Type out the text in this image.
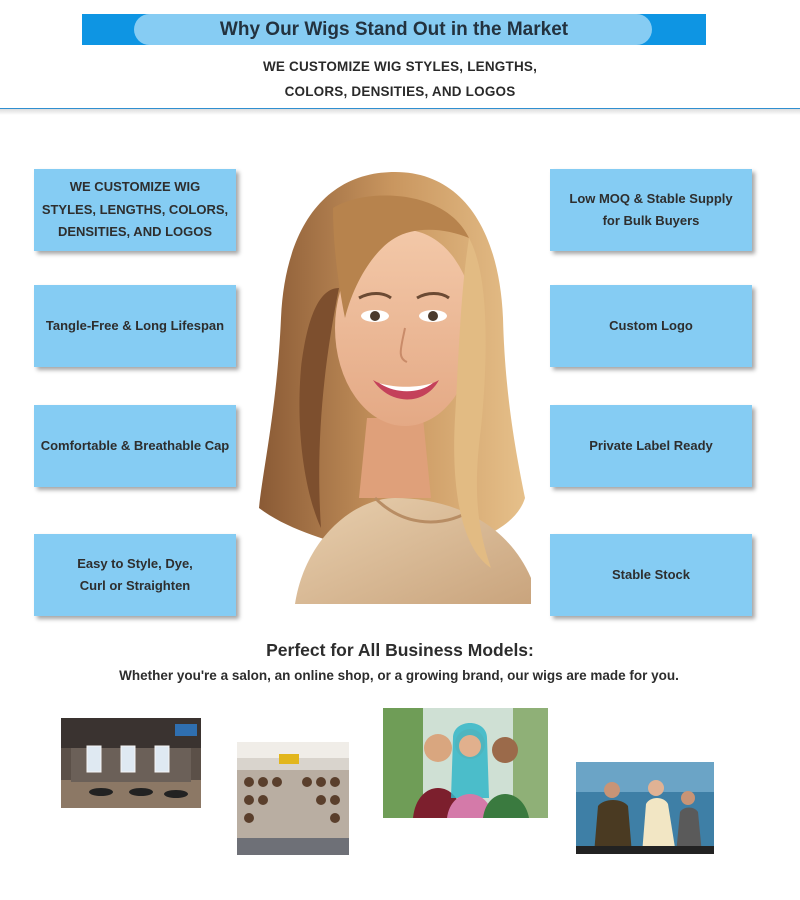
Why Our Wigs Stand Out in the Market
WE CUSTOMIZE WIG STYLES, LENGTHS,
COLORS, DENSITIES, AND LOGOS
WE CUSTOMIZE WIG
STYLES, LENGTHS, COLORS,
DENSITIES, AND LOGOS
Tangle-Free & Long Lifespan
Comfortable & Breathable Cap
Easy to Style, Dye,
Curl or Straighten
Low MOQ & Stable Supply
for Bulk Buyers
Custom Logo
Private Label Ready
Stable Stock
Perfect for All Business Models:
Whether you're a salon, an online shop, or a growing brand, our wigs are made for you.
